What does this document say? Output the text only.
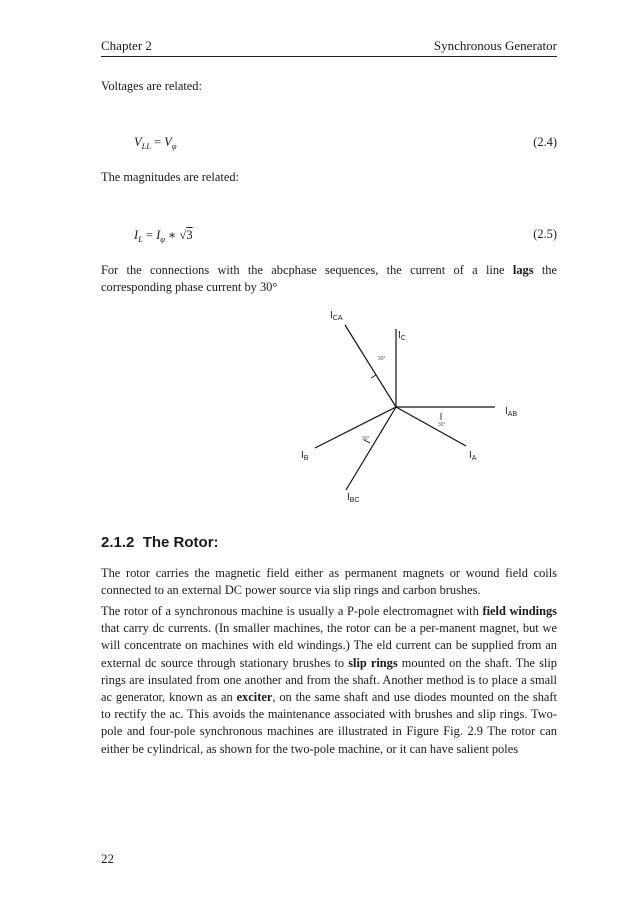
Chapter 2	Synchronous Generator
Voltages are related:
$V_{LL} = V_\varphi$	(2.4)
The magnitudes are related:
$I_L = I_\varphi$ ∗ √3	(2.5)
For the connections with the abcphase sequences, the current of a line lags the corresponding phase current by 30°
$I_{CA}$
$I_C$
$I_{AB}$
$I_A$
$I_B$
$I_{BC}$
30°
30°
30°
2.1.2 The Rotor:
The rotor carries the magnetic field either as permanent magnets or wound field coils connected to an external DC power source via slip rings and carbon brushes.
The rotor of a synchronous machine is usually a P-pole electromagnet with field windings that carry dc currents. (In smaller machines, the rotor can be a per-manent magnet, but we will concentrate on machines with eld windings.) The eld current can be supplied from an external dc source through stationary brushes to slip rings mounted on the shaft. The slip rings are insulated from one another and from the shaft. Another method is to place a small ac generator, known as an exciter, on the same shaft and use diodes mounted on the shaft to rectify the ac. This avoids the maintenance associated with brushes and slip rings. Two-pole and four-pole synchronous machines are illustrated in Figure Fig. 2.9 The rotor can either be cylindrical, as shown for the two-pole machine, or it can have salient poles
22
